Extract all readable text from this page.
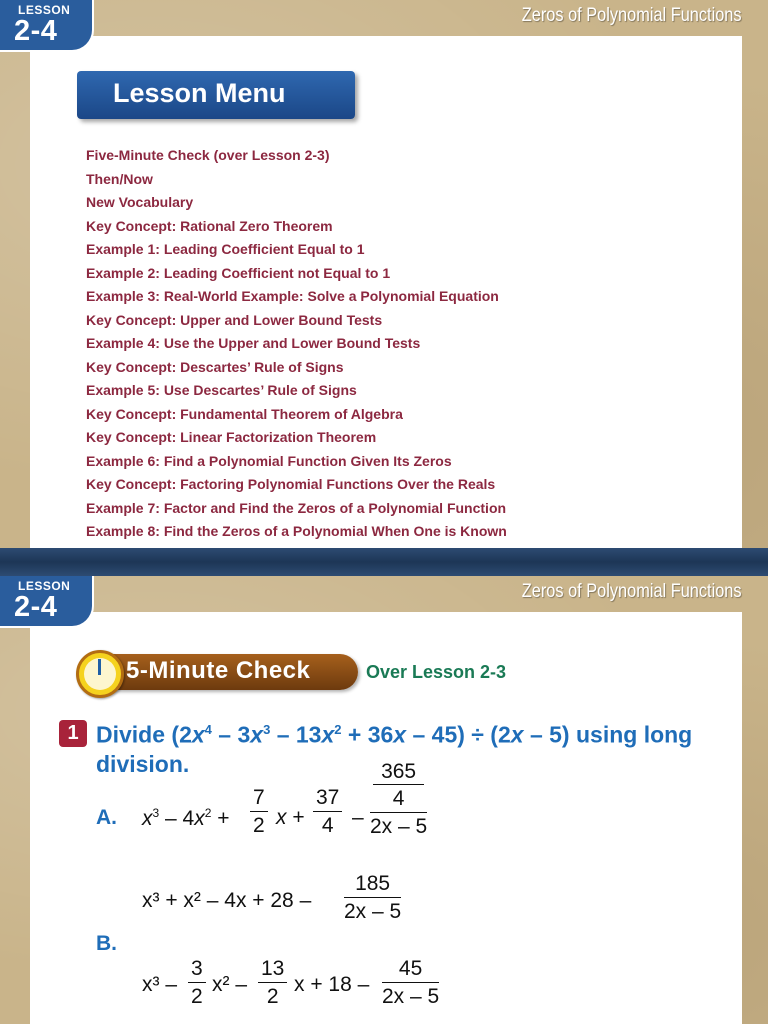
LESSON
2-4	Zeros of Polynomial Functions
Lesson Menu
Five-Minute Check (over Lesson 2-3)
Then/Now
New Vocabulary
Key Concept: Rational Zero Theorem
Example 1: Leading Coefficient Equal to 1
Example 2: Leading Coefficient not Equal to 1
Example 3: Real-World Example: Solve a Polynomial Equation
Key Concept: Upper and Lower Bound Tests
Example 4: Use the Upper and Lower Bound Tests
Key Concept: Descartes’ Rule of Signs
Example 5: Use Descartes’ Rule of Signs
Key Concept: Fundamental Theorem of Algebra
Key Concept: Linear Factorization Theorem
Example 6: Find a Polynomial Function Given Its Zeros
Key Concept: Factoring Polynomial Functions Over the Reals
Example 7: Factor and Find the Zeros of a Polynomial Function
Example 8: Find the Zeros of a Polynomial When One is Known
LESSON
2-4	Zeros of Polynomial Functions
5-Minute Check	Over Lesson 2-3
1 Divide $(2x^4 - 3x^3 - 13x^2 + 36x - 45) \div (2x - 5)$ using long division.
A. $x^3 - 4x^2 + \frac{7}{2}$ $x + \frac{37}{4} - 365$
4
2x – 5
$x^3 + x^2 - 4x + 28 - \frac{185}{2x - 5}$
B.
$x^3 - \frac{3}{2} x^2 - \frac{13}{2}$ $x + 18 - \frac{45}{2x - 5}$
